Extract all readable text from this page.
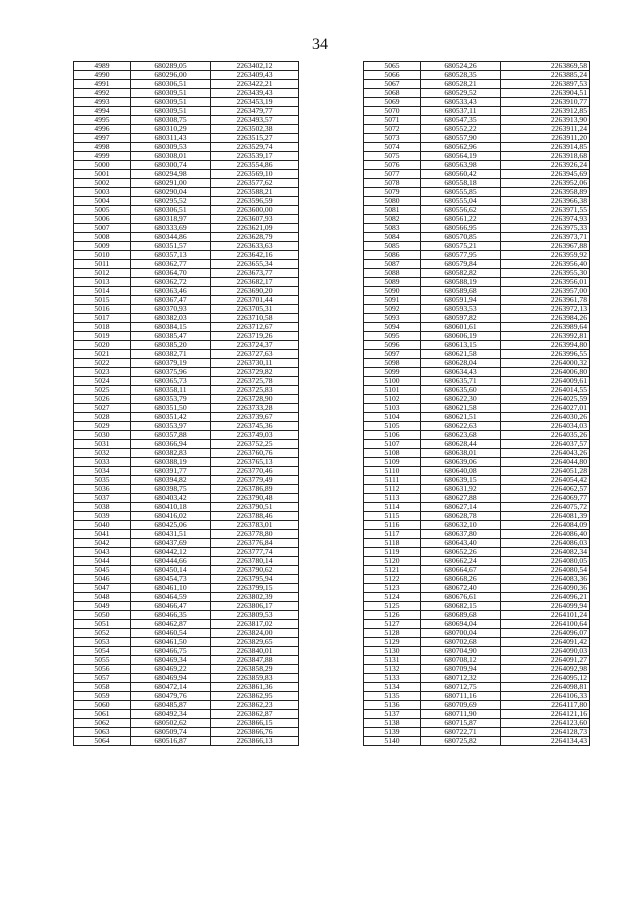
34
4989	680289,05	2263402,12
4990	680296,00	2263409,43
4991	680306,51	2263422,21
4992	680309,51	2263439,43
4993	680309,51	2263453,19
4994	680309,51	2263479,77
4995	680308,75	2263493,57
4996	680310,29	2263502,38
4997	680311,43	2263515,27
4998	680309,53	2263529,74
4999	680308,01	2263539,17
5000	680300,74	2263554,86
5001	680294,98	2263569,10
5002	680291,00	2263577,62
5003	680290,04	2263588,21
5004	680295,52	2263596,59
5005	680306,51	2263600,00
5006	680318,97	2263607,93
5007	680333,69	2263621,09
5008	680344,86	2263628,79
5009	680351,57	2263633,63
5010	680357,13	2263642,16
5011	680362,77	2263655,34
5012	680364,70	2263673,77
5013	680362,72	2263682,17
5014	680363,46	2263690,20
5015	680367,47	2263701,44
5016	680370,93	2263705,31
5017	680382,03	2263710,58
5018	680384,15	2263712,67
5019	680385,47	2263719,26
5020	680385,20	2263724,37
5021	680382,71	2263727,63
5022	680379,19	2263730,11
5023	680375,96	2263729,82
5024	680365,73	2263725,78
5025	680358,11	2263725,83
5026	680353,79	2263728,90
5027	680351,50	2263733,28
5028	680351,42	2263739,67
5029	680353,97	2263745,36
5030	680357,88	2263749,03
5031	680366,94	2263752,25
5032	680382,83	2263760,76
5033	680388,19	2263765,13
5034	680391,77	2263770,46
5035	680394,82	2263779,49
5036	680398,75	2263786,89
5037	680403,42	2263790,48
5038	680410,18	2263790,51
5039	680416,02	2263788,46
5040	680425,06	2263783,01
5041	680431,51	2263778,80
5042	680437,69	2263776,84
5043	680442,12	2263777,74
5044	680444,66	2263780,14
5045	680450,14	2263790,62
5046	680454,73	2263795,94
5047	680461,10	2263799,15
5048	680464,59	2263802,39
5049	680466,47	2263806,17
5050	680466,35	2263809,53
5051	680462,87	2263817,02
5052	680460,54	2263824,00
5053	680461,50	2263829,65
5054	680466,75	2263840,01
5055	680469,34	2263847,88
5056	680469,22	2263858,29
5057	680469,94	2263859,83
5058	680472,14	2263861,36
5059	680479,76	2263862,95
5060	680485,87	2263862,23
5061	680492,34	2263862,87
5062	680502,62	2263866,15
5063	680509,74	2263866,76
5064	680516,87	2263866,13
5065	680524,26	2263869,58
5066	680528,35	2263885,24
5067	680528,21	2263897,53
5068	680529,52	2263904,51
5069	680533,43	2263910,77
5070	680537,11	2263912,85
5071	680547,35	2263913,90
5072	680552,22	2263911,24
5073	680557,90	2263911,20
5074	680562,96	2263914,85
5075	680564,19	2263918,68
5076	680563,98	2263926,24
5077	680560,42	2263945,69
5078	680558,18	2263952,06
5079	680555,85	2263958,89
5080	680555,04	2263966,38
5081	680556,62	2263971,55
5082	680561,22	2263974,93
5083	680566,95	2263975,33
5084	680570,85	2263973,71
5085	680575,21	2263967,88
5086	680577,95	2263959,92
5087	680579,84	2263956,40
5088	680582,82	2263955,30
5089	680588,19	2263956,01
5090	680589,68	2263957,00
5091	680591,94	2263961,78
5092	680593,53	2263972,13
5093	680597,82	2263984,26
5094	680601,61	2263989,64
5095	680606,19	2263992,81
5096	680613,15	2263994,80
5097	680621,58	2263996,55
5098	680628,04	2264000,32
5099	680634,43	2264006,80
5100	680635,71	2264009,61
5101	680635,60	2264014,55
5102	680622,30	2264025,59
5103	680621,58	2264027,01
5104	680621,51	2264030,26
5105	680622,63	2264034,03
5106	680623,68	2264035,26
5107	680628,44	2264037,57
5108	680638,01	2264043,26
5109	680639,06	2264044,80
5110	680640,08	2264051,28
5111	680639,15	2264054,42
5112	680631,92	2264062,57
5113	680627,88	2264069,77
5114	680627,14	2264075,72
5115	680628,78	2264081,39
5116	680632,10	2264084,09
5117	680637,80	2264086,40
5118	680643,40	2264086,03
5119	680652,26	2264082,34
5120	680662,24	2264080,05
5121	680664,67	2264080,54
5122	680668,26	2264083,36
5123	680672,40	2264090,36
5124	680676,61	2264096,21
5125	680682,15	2264099,94
5126	680689,68	2264101,24
5127	680694,04	2264100,64
5128	680700,04	2264096,07
5129	680702,68	2264091,42
5130	680704,90	2264090,03
5131	680708,12	2264091,27
5132	680709,94	2264092,98
5133	680712,32	2264095,12
5134	680712,75	2264098,81
5135	680711,16	2264106,33
5136	680709,69	2264117,80
5137	680711,90	2264121,16
5138	680715,87	2264123,60
5139	680722,71	2264128,73
5140	680725,82	2264134,43
